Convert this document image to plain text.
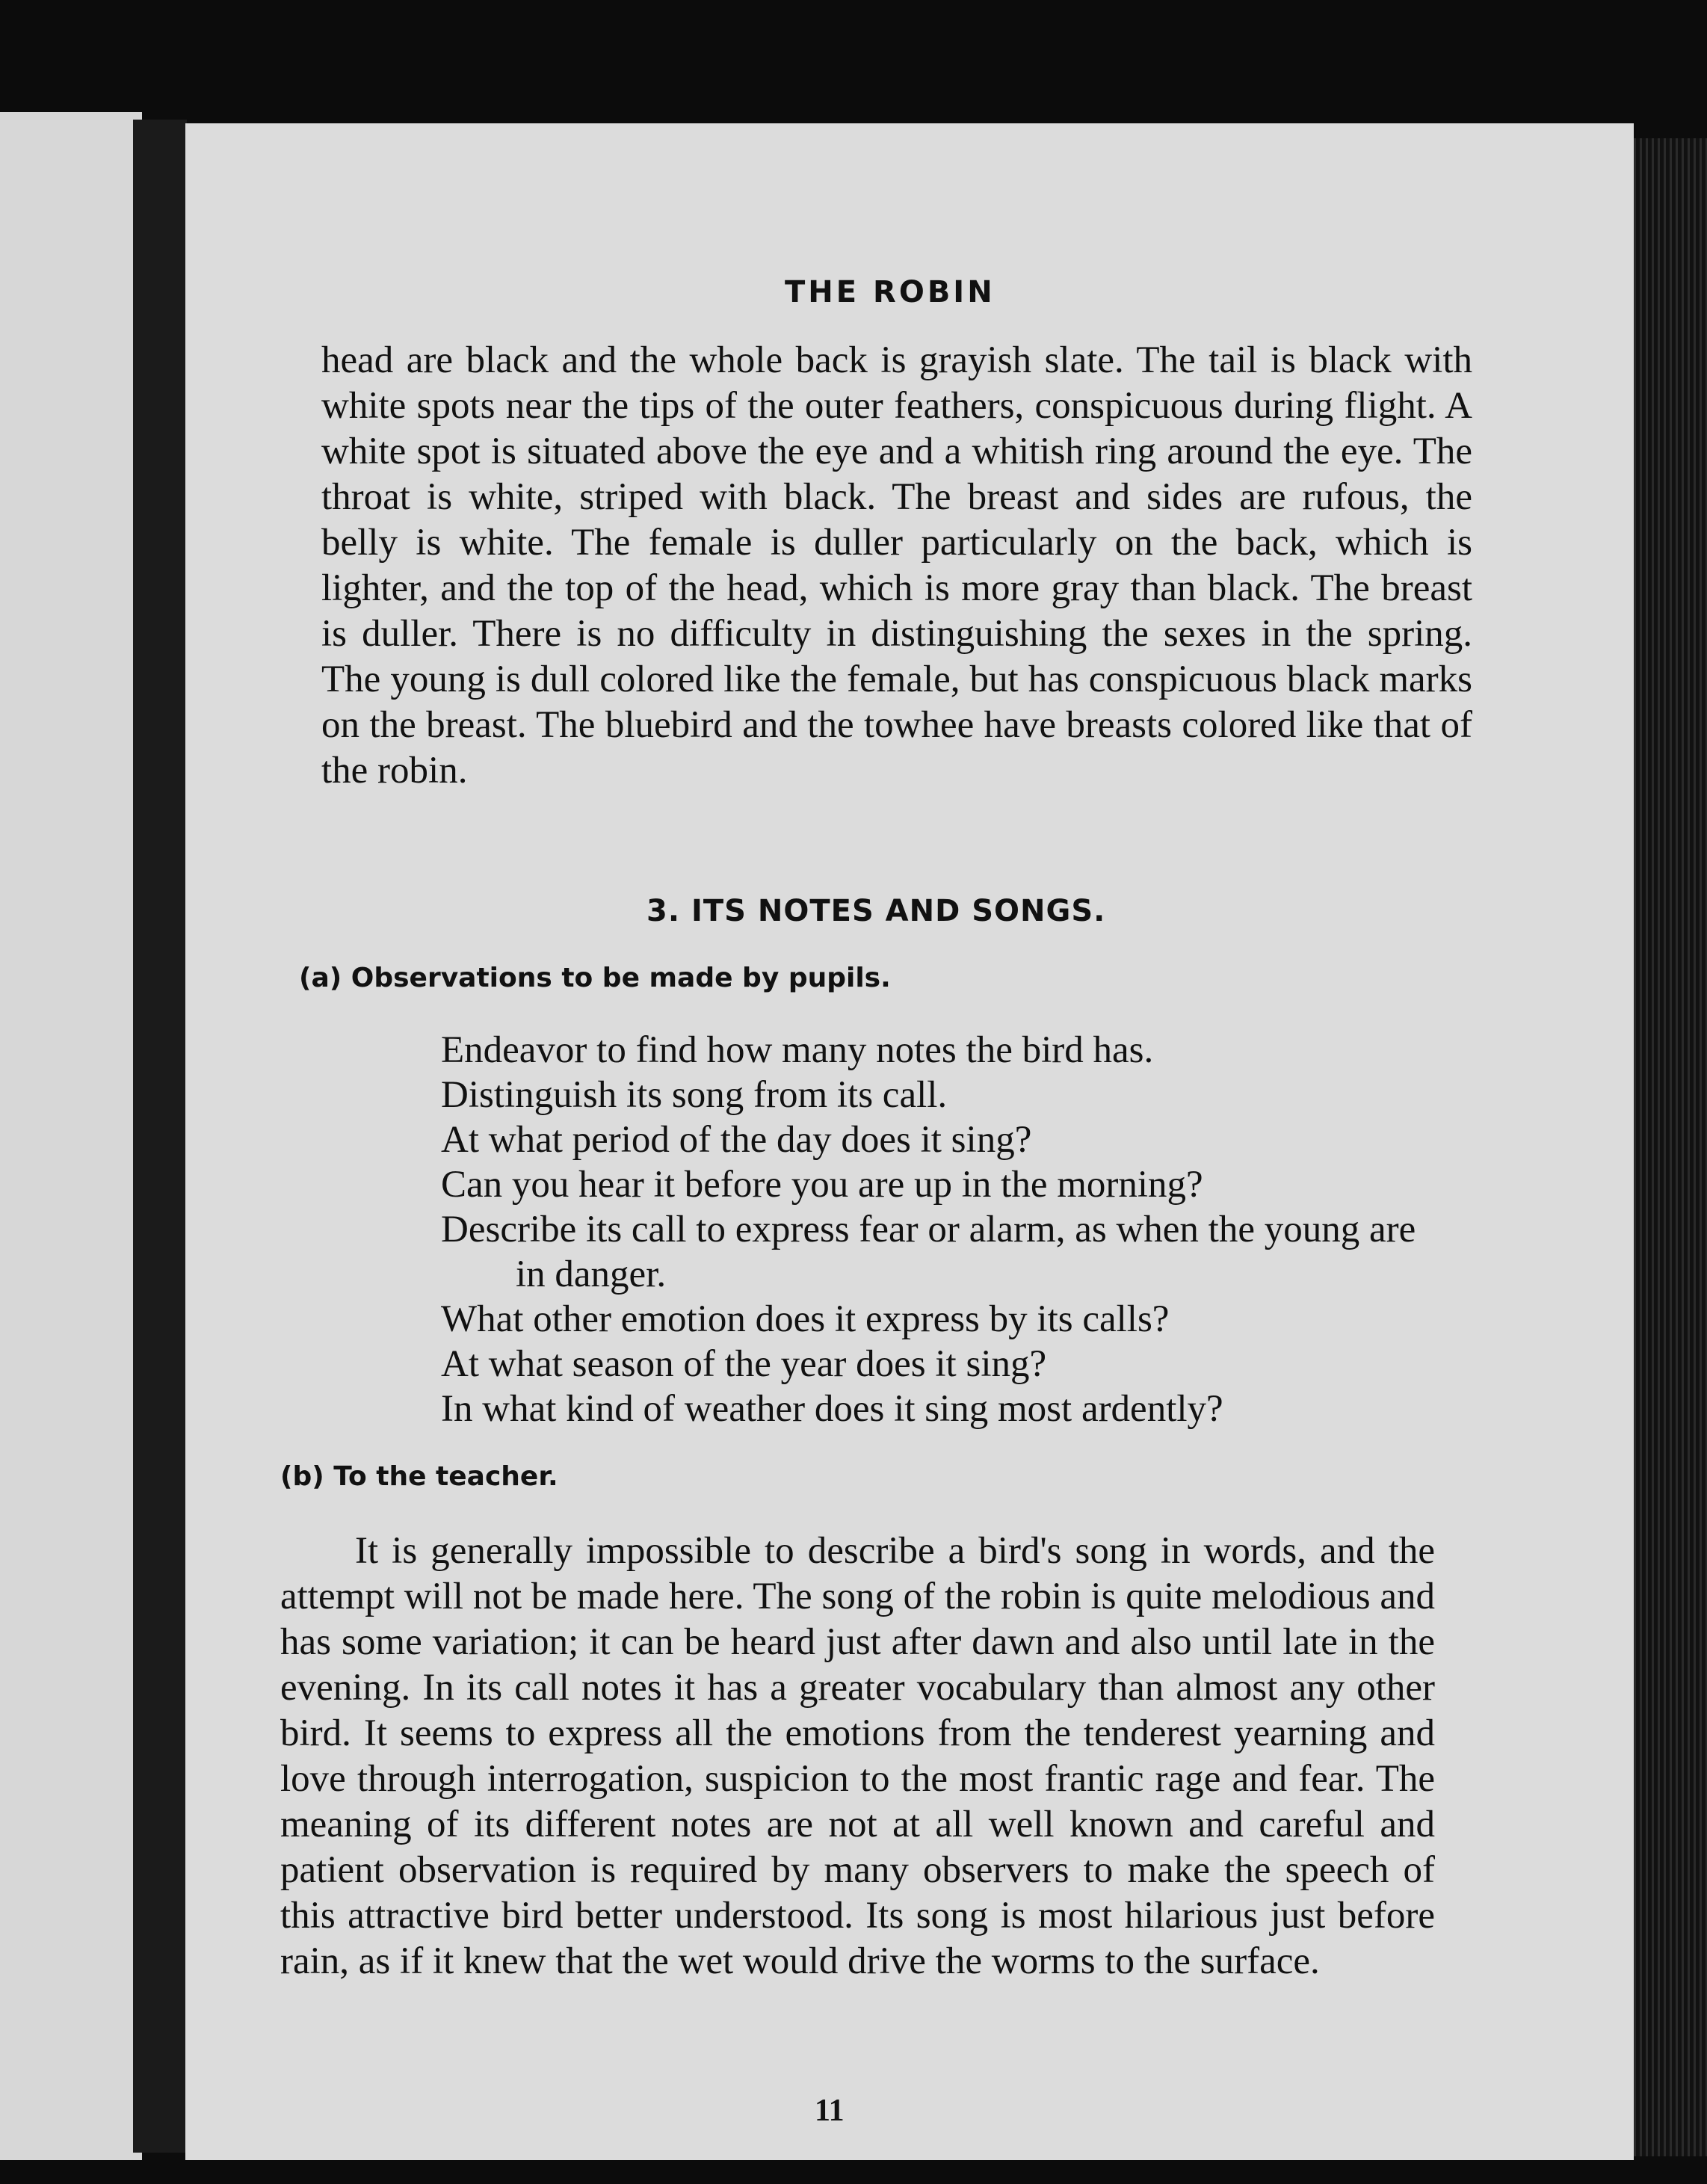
THE ROBIN

head are black and the whole back is grayish slate. The tail is black with white spots near the tips of the outer feathers, conspicuous during flight. A white spot is situated above the eye and a whitish ring around the eye. The throat is white, striped with black. The breast and sides are rufous, the belly is white. The female is duller particularly on the back, which is lighter, and the top of the head, which is more gray than black. The breast is duller. There is no difficulty in distinguishing the sexes in the spring. The young is dull colored like the female, but has conspicuous black marks on the breast. The bluebird and the towhee have breasts colored like that of the robin.

3. ITS NOTES AND SONGS.
(a) Observations to be made by pupils.
Endeavor to find how many notes the bird has.
Distinguish its song from its call.
At what period of the day does it sing?
Can you hear it before you are up in the morning?
Describe its call to express fear or alarm, as when the young are in danger.
What other emotion does it express by its calls?
At what season of the year does it sing?
In what kind of weather does it sing most ardently?
(b) To the teacher.

It is generally impossible to describe a bird's song in words, and the attempt will not be made here. The song of the robin is quite melodious and has some variation; it can be heard just after dawn and also until late in the evening. In its call notes it has a greater vocabulary than almost any other bird. It seems to express all the emotions from the tenderest yearning and love through interrogation, suspicion to the most frantic rage and fear. The meaning of its different notes are not at all well known and careful and patient observation is required by many observers to make the speech of this attractive bird better understood. Its song is most hilarious just before rain, as if it knew that the wet would drive the worms to the surface.

11
